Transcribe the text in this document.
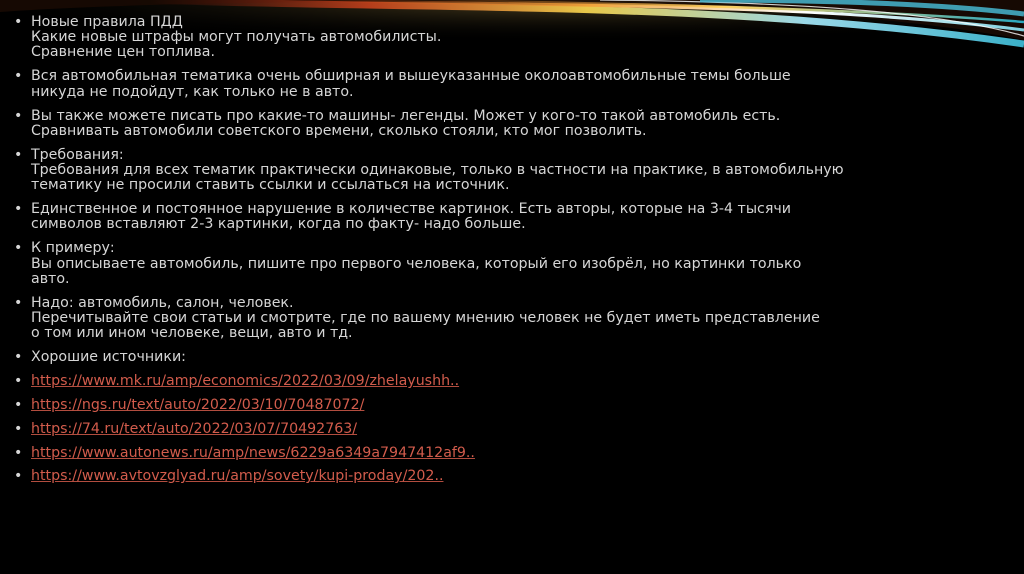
• Новые правила ПДД
Какие новые штрафы могут получать автомобилисты.
Сравнение цен топлива.
• Вся автомобильная тематика очень обширная и вышеуказанные околоавтомобильные темы больше
никуда не подойдут, как только не в авто.
• Вы также можете писать про какие-то машины- легенды. Может у кого-то такой автомобиль есть.
Сравнивать автомобили советского времени, сколько стояли, кто мог позволить.
• Требования:
Требования для всех тематик практически одинаковые, только в частности на практике, в автомобильную
тематику не просили ставить ссылки и ссылаться на источник.
• Единственное и постоянное нарушение в количестве картинок. Есть авторы, которые на 3-4 тысячи
символов вставляют 2-3 картинки, когда по факту- надо больше.
• К примеру:
Вы описываете автомобиль, пишите про первого человека, который его изобрёл, но картинки только
авто.
• Надо: автомобиль, салон, человек.
Перечитывайте свои статьи и смотрите, где по вашему мнению человек не будет иметь представление
о том или ином человеке, вещи, авто и тд.
• Хорошие источники:
• https://www.mk.ru/amp/economics/2022/03/09/zhelayushh..
• https://ngs.ru/text/auto/2022/03/10/70487072/
• https://74.ru/text/auto/2022/03/07/70492763/
• https://www.autonews.ru/amp/news/6229a6349a7947412af9..
• https://www.avtovzglyad.ru/amp/sovety/kupi-proday/202..
